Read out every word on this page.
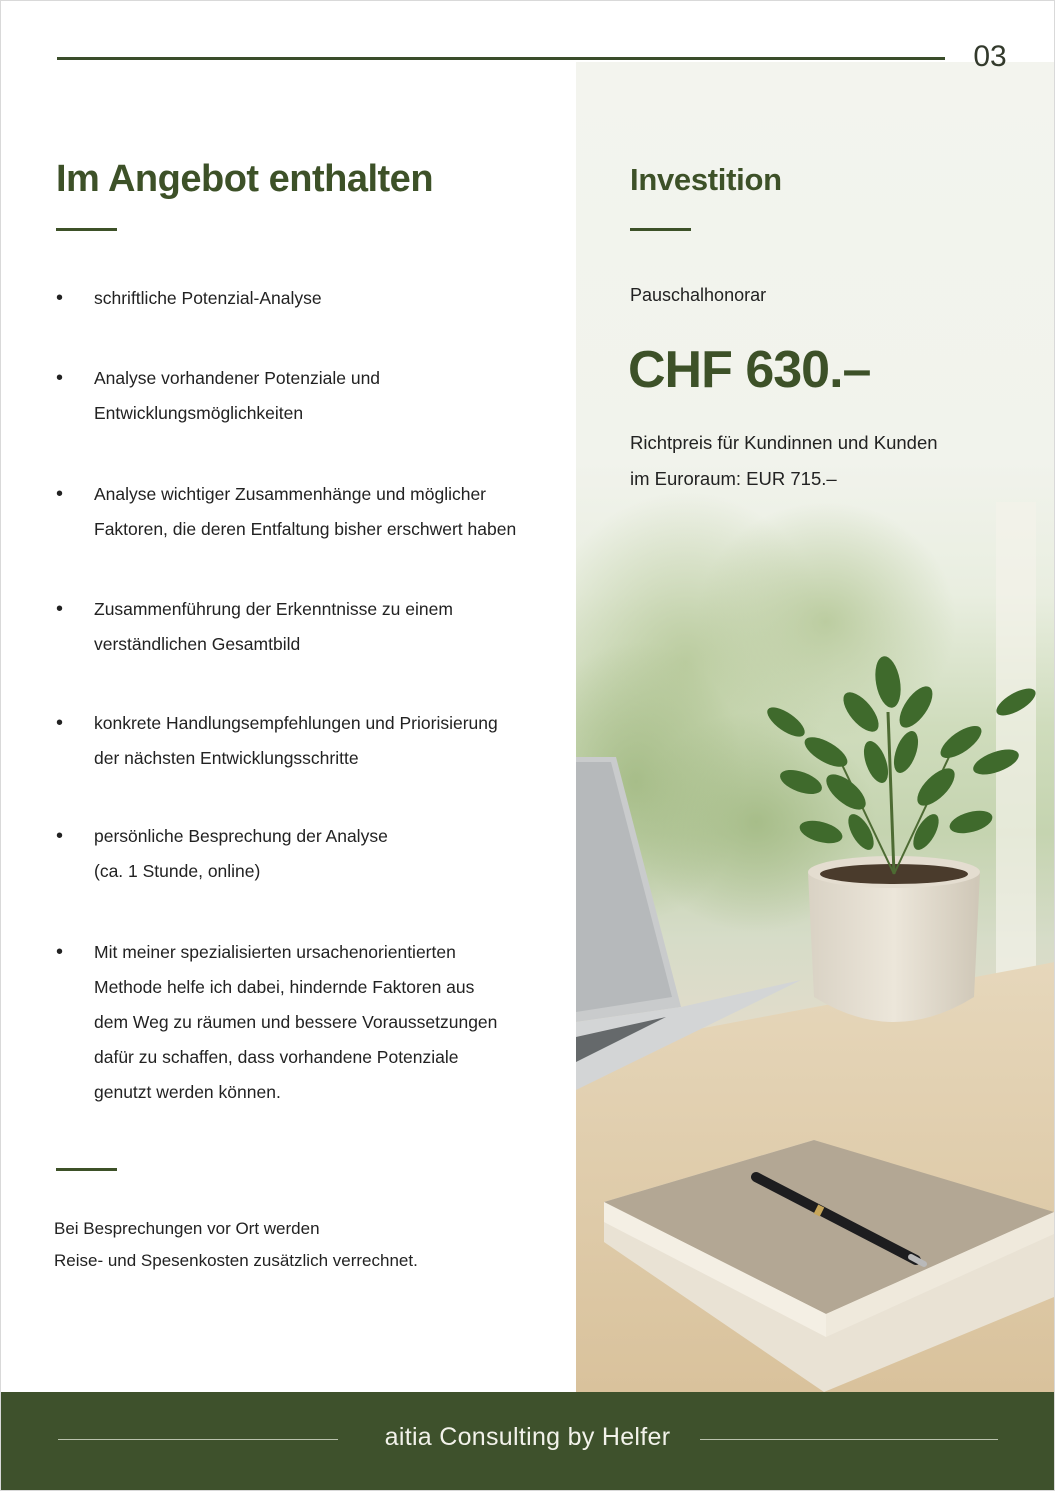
03
Im Angebot enthalten
• schriftliche Potenzial-Analyse
• Analyse vorhandener Potenziale und
Entwicklungsmöglichkeiten
• Analyse wichtiger Zusammenhänge und möglicher
Faktoren, die deren Entfaltung bisher erschwert haben
• Zusammenführung der Erkenntnisse zu einem
verständlichen Gesamtbild
• konkrete Handlungsempfehlungen und Priorisierung
der nächsten Entwicklungsschritte
• persönliche Besprechung der Analyse
(ca. 1 Stunde, online)
• Mit meiner spezialisierten ursachenorientierten
Methode helfe ich dabei, hindernde Faktoren aus
dem Weg zu räumen und bessere Voraussetzungen
dafür zu schaffen, dass vorhandene Potenziale
genutzt werden können.
Bei Besprechungen vor Ort werden
Reise- und Spesenkosten zusätzlich verrechnet.
Investition
Pauschalhonorar
CHF 630.–
Richtpreis für Kundinnen und Kunden
im Euroraum: EUR 715.–
aitia Consulting by Helfer
